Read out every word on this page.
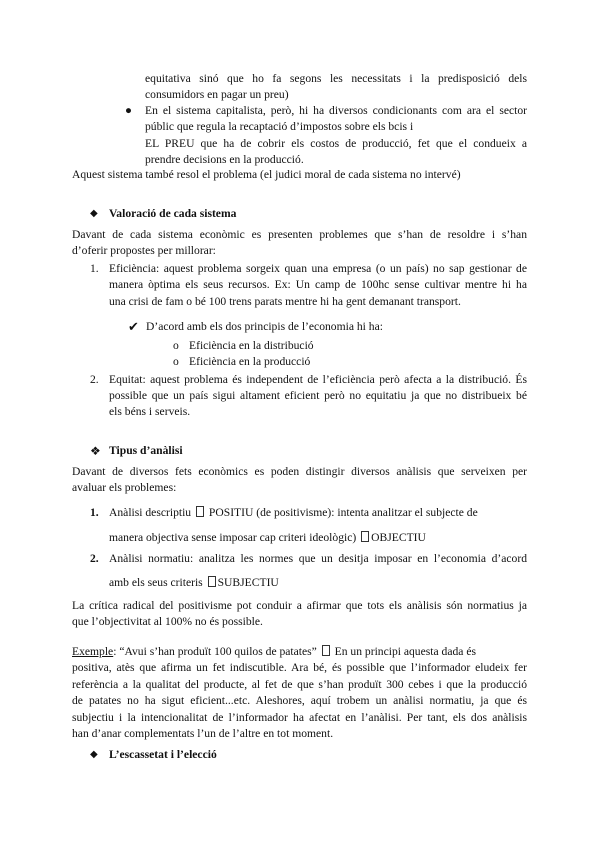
equitativa sinó que ho fa segons les necessitats i la predisposició dels
consumidors en pagar un preu)
● En el sistema capitalista, però, hi ha diversos condicionants com ara el sector
públic que regula la recaptació d’impostos sobre els bcis i
EL PREU que ha de cobrir els costos de producció, fet que el condueix a
prendre decisions en la producció.
Aquest sistema també resol el problema (el judici moral de cada sistema no intervé)
◆ Valoració de cada sistema
Davant de cada sistema econòmic es presenten problemes que s’han de resoldre i s’han
d’oferir propostes per millorar:
1. Eficiència: aquest problema sorgeix quan una empresa (o un país) no sap gestionar de
manera òptima els seus recursos. Ex: Un camp de 100hc sense cultivar mentre hi ha
una crisi de fam o bé 100 trens parats mentre hi ha gent demanant transport.
✔ D’acord amb els dos principis de l’economia hi ha:
o Eficiència en la distribució
o Eficiència en la producció
2. Equitat: aquest problema és independent de l’eficiència però afecta a la distribució. És
possible que un país sigui altament eficient però no equitatiu ja que no distribueix bé
els béns i serveis.
❖ Tipus d’anàlisi
Davant de diversos fets econòmics es poden distingir diversos anàlisis que serveixen per
avaluar els problemes:
1. Anàlisi descriptiu POSITIU (de positivisme): intenta analitzar el subjecte de
manera objectiva sense imposar cap criteri ideològic) OBJECTIU
2. Anàlisi normatiu: analitza les normes que un desitja imposar en l’economia d’acord
amb els seus criteris SUBJECTIU
La crítica radical del positivisme pot conduir a afirmar que tots els anàlisis són normatius ja
que l’objectivitat al 100% no és possible.
Exemple: “Avui s’han produït 100 quilos de patates” En un principi aquesta dada és
positiva, atès que afirma un fet indiscutible. Ara bé, és possible que l’informador eludeix fer
referència a la qualitat del producte, al fet de que s’han produït 300 cebes i que la producció
de patates no ha sigut eficient...etc. Aleshores, aquí trobem un anàlisi normatiu, ja que és
subjectiu i la intencionalitat de l’informador ha afectat en l’anàlisi. Per tant, els dos anàlisis
han d’anar complementats l’un de l’altre en tot moment.
◆ L’escassetat i l’elecció
